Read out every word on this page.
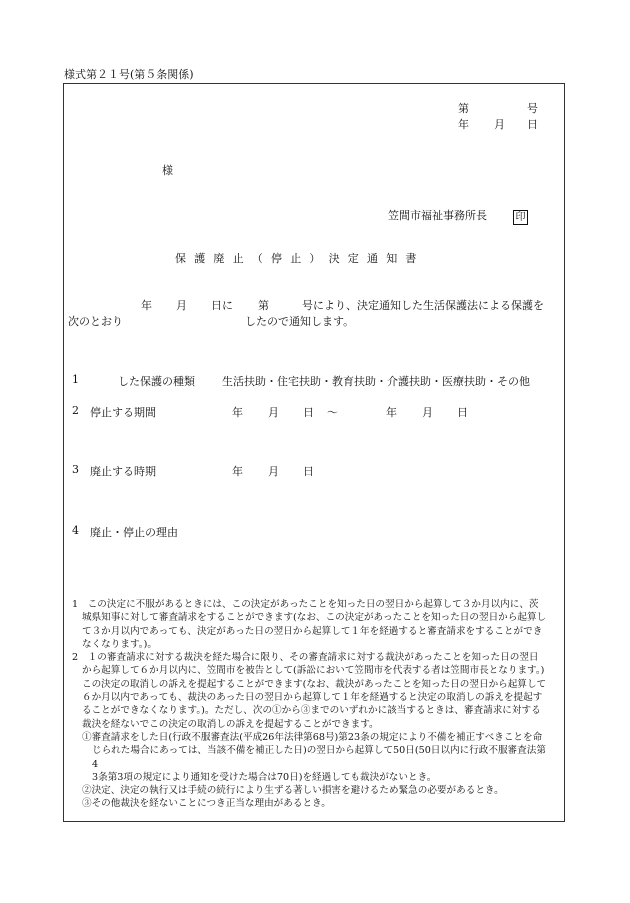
様式第２１号(第５条関係)
第	号
年 月 日
様
笠間市福祉事務所長	印
保護廃止（停止）決定通知書
年 月 日に 第	号により、決定通知した生活保護法による保護を
次のとおり	したので通知します。
1	した保護の種類 生活扶助・住宅扶助・教育扶助・介護扶助・医療扶助・その他
2 停止する期間	年 月 日 ～	年 月 日
3 廃止する時期	年 月 日
4 廃止・停止の理由
1　 この決定に不服があるときには、この決定があったことを知った日の翌日から起算して３か月以内に、茨
城県知事に対して審査請求をすることができます(なお、この決定があったことを知った日の翌日から起算し
て３か月以内であっても、決定があった日の翌日から起算して１年を経過すると審査請求をすることができ
なくなります。)。
2　 １の審査請求に対する裁決を経た場合に限り、その審査請求に対する裁決があったことを知った日の翌日
から起算して６か月以内に、笠間市を被告として(訴訟において笠間市を代表する者は笠間市長となります。)
この決定の取消しの訴えを提起することができます(なお、裁決があったことを知った日の翌日から起算して
６か月以内であっても、裁決のあった日の翌日から起算して１年を経過すると決定の取消しの訴えを提起す
ることができなくなります。)。ただし、次の①から③までのいずれかに該当するときは、審査請求に対する
裁決を経ないでこの決定の取消しの訴えを提起することができます。
①審査請求をした日(行政不服審査法(平成26年法律第68号)第23条の規定により不備を補正すべきことを命
じられた場合にあっては、当該不備を補正した日)の翌日から起算して50日(50日以内に行政不服審査法第4
3条第3項の規定により通知を受けた場合は70日)を経過しても裁決がないとき。
②決定、決定の執行又は手続の続行により生ずる著しい損害を避けるため緊急の必要があるとき。
③その他裁決を経ないことにつき正当な理由があるとき。
